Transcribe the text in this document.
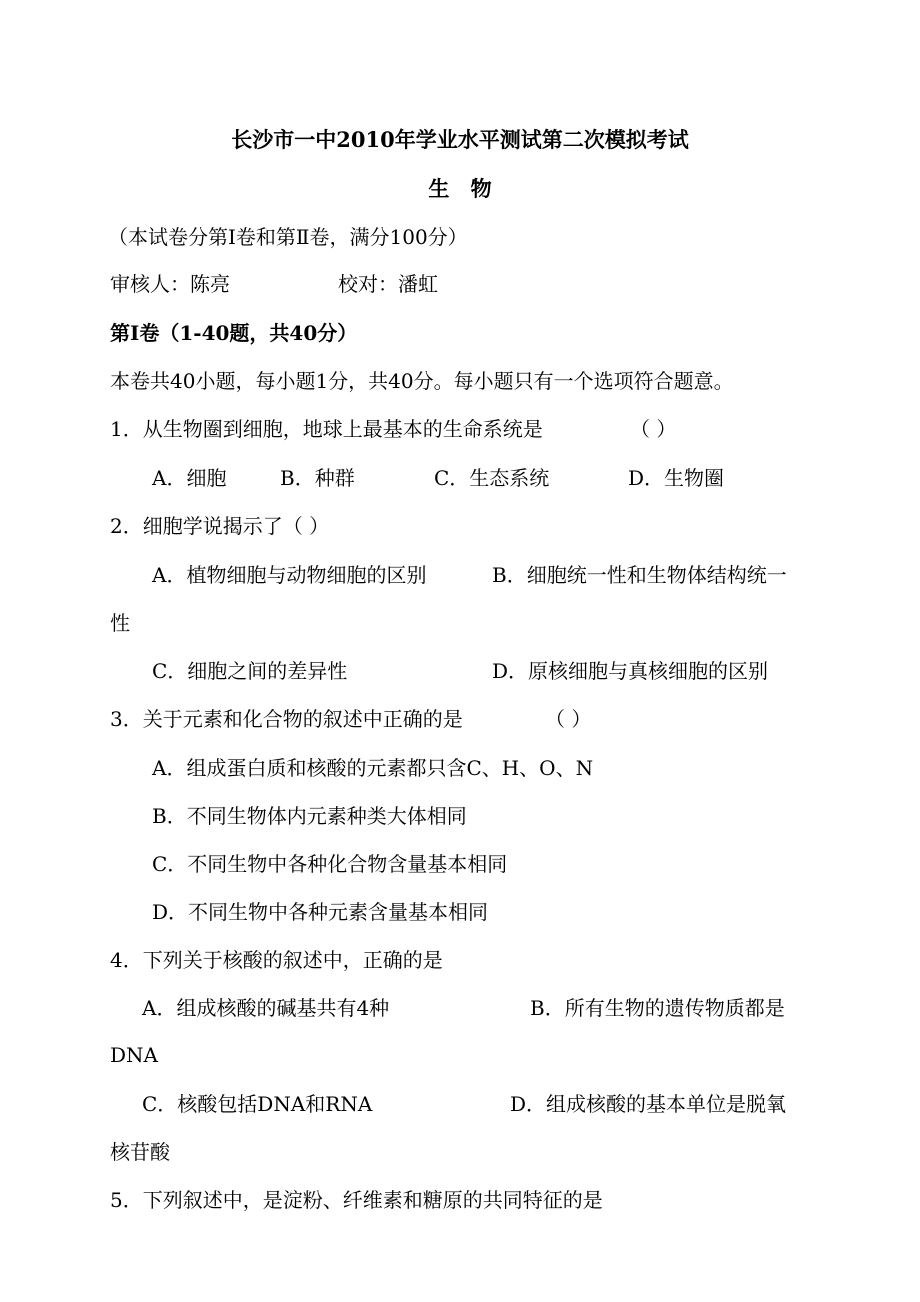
长沙市一中2010年学业水平测试第二次模拟考试
生 物
（本试卷分第Ⅰ卷和第Ⅱ卷，满分100分）
审核人：陈亮	校对：潘虹
第Ⅰ卷（1-40题，共40分）
本卷共40小题，每小题1分，共40分。每小题只有一个选项符合题意。
1．从生物圈到细胞，地球上最基本的生命系统是	（ ）
A．细胞	B．种群	C．生态系统	D．生物圈
2．细胞学说揭示了（ ）
A．植物细胞与动物细胞的区别	B．细胞统一性和生物体结构统一
性
C．细胞之间的差异性	D．原核细胞与真核细胞的区别
3．关于元素和化合物的叙述中正确的是	（ ）
A．组成蛋白质和核酸的元素都只含C、H、O、N
B．不同生物体内元素种类大体相同
C．不同生物中各种化合物含量基本相同
D．不同生物中各种元素含量基本相同
4．下列关于核酸的叙述中，正确的是
A．组成核酸的碱基共有4种	B．所有生物的遗传物质都是
DNA
C．核酸包括DNA和RNA	D．组成核酸的基本单位是脱氧
核苷酸
5．下列叙述中，是淀粉、纤维素和糖原的共同特征的是
